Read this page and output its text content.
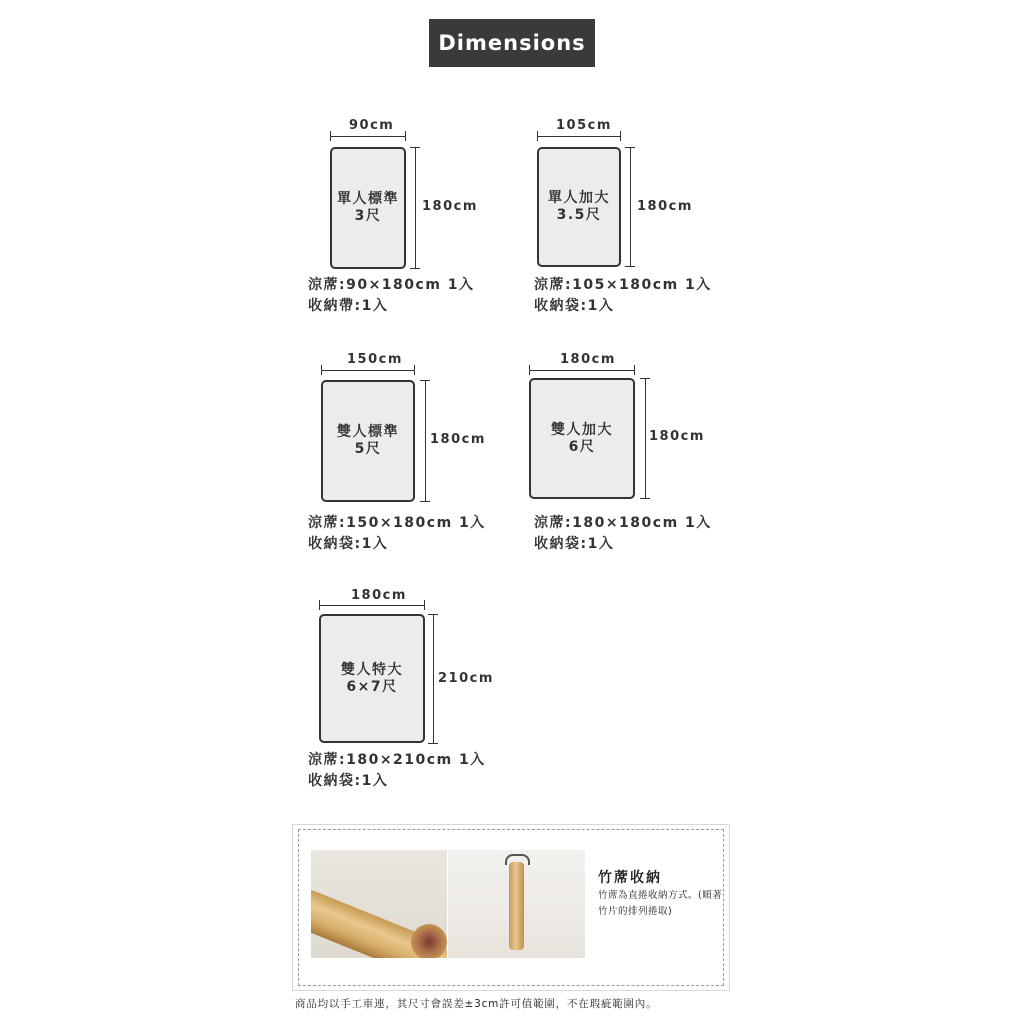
Dimensions
90cm
單人標準
3尺
180cm
涼蓆:90×180cm 1入
收納帶:1入
105cm
單人加大
3.5尺
180cm
涼蓆:105×180cm 1入
收納袋:1入
150cm
雙人標準
5尺
180cm
涼蓆:150×180cm 1入
收納袋:1入
180cm
雙人加大
6尺
180cm
涼蓆:180×180cm 1入
收納袋:1入
180cm
雙人特大
6×7尺	210cm
涼蓆:180×210cm 1入
收納袋:1入
竹蓆收納
竹蓆為直捲收納方式。(順著竹片的排列捲取)
商品均以手工車連，其尺寸會誤差±3cm許可值範圍，不在瑕疵範圍內。
